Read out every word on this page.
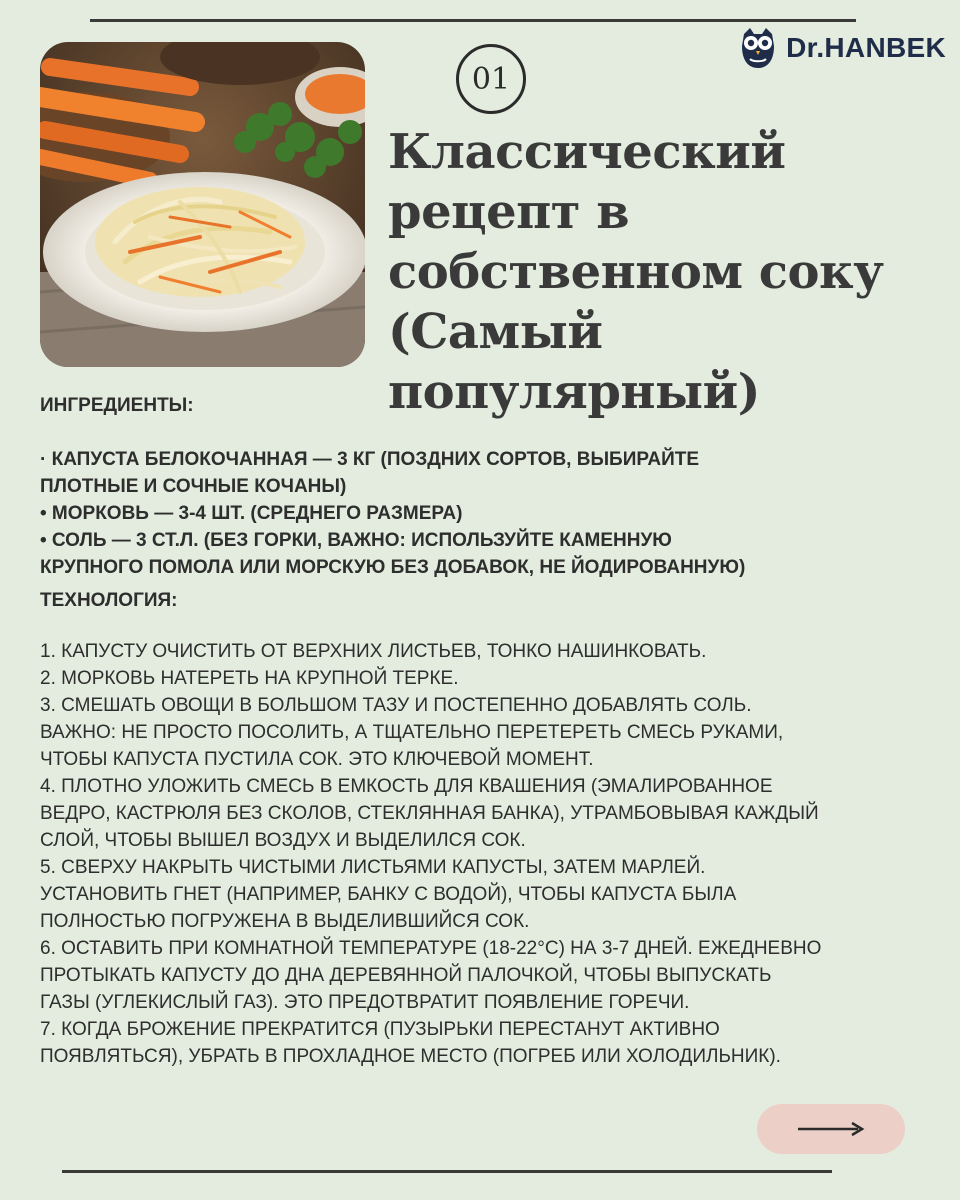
Dr.HANBEK
01
Классический
рецепт в
собственном соку
(Самый популярный)

ИНГРЕДИЕНТЫ:

· КАПУСТА БЕЛОКОЧАННАЯ — 3 КГ (ПОЗДНИХ СОРТОВ, ВЫБИРАЙТЕ
ПЛОТНЫЕ И СОЧНЫЕ КОЧАНЫ)

• МОРКОВЬ — 3-4 ШТ. (СРЕДНЕГО РАЗМЕРА)

• СОЛЬ — 3 СТ.Л. (БЕЗ ГОРКИ, ВАЖНО: ИСПОЛЬЗУЙТЕ КАМЕННУЮ
КРУПНОГО ПОМОЛА ИЛИ МОРСКУЮ БЕЗ ДОБАВОК, НЕ ЙОДИРОВАННУЮ)

ТЕХНОЛОГИЯ:

1. КАПУСТУ ОЧИСТИТЬ ОТ ВЕРХНИХ ЛИСТЬЕВ, ТОНКО НАШИНКОВАТЬ.

2. МОРКОВЬ НАТЕРЕТЬ НА КРУПНОЙ ТЕРКЕ.

3. СМЕШАТЬ ОВОЩИ В БОЛЬШОМ ТАЗУ И ПОСТЕПЕННО ДОБАВЛЯТЬ СОЛЬ.

ВАЖНО: НЕ ПРОСТО ПОСОЛИТЬ, А ТЩАТЕЛЬНО ПЕРЕТЕРЕТЬ СМЕСЬ РУКАМИ,

ЧТОБЫ КАПУСТА ПУСТИЛА СОК. ЭТО КЛЮЧЕВОЙ МОМЕНТ.

4. ПЛОТНО УЛОЖИТЬ СМЕСЬ В ЕМКОСТЬ ДЛЯ КВАШЕНИЯ (ЭМАЛИРОВАННОЕ

ВЕДРО, КАСТРЮЛЯ БЕЗ СКОЛОВ, СТЕКЛЯННАЯ БАНКА), УТРАМБОВЫВАЯ КАЖДЫЙ

СЛОЙ, ЧТОБЫ ВЫШЕЛ ВОЗДУХ И ВЫДЕЛИЛСЯ СОК.

5. СВЕРХУ НАКРЫТЬ ЧИСТЫМИ ЛИСТЬЯМИ КАПУСТЫ, ЗАТЕМ МАРЛЕЙ.

УСТАНОВИТЬ ГНЕТ (НАПРИМЕР, БАНКУ С ВОДОЙ), ЧТОБЫ КАПУСТА БЫЛА

ПОЛНОСТЬЮ ПОГРУЖЕНА В ВЫДЕЛИВШИЙСЯ СОК.

6. ОСТАВИТЬ ПРИ КОМНАТНОЙ ТЕМПЕРАТУРЕ (18-22°С) НА 3-7 ДНЕЙ. ЕЖЕДНЕВНО

ПРОТЫКАТЬ КАПУСТУ ДО ДНА ДЕРЕВЯННОЙ ПАЛОЧКОЙ, ЧТОБЫ ВЫПУСКАТЬ

ГАЗЫ (УГЛЕКИСЛЫЙ ГАЗ). ЭТО ПРЕДОТВРАТИТ ПОЯВЛЕНИЕ ГОРЕЧИ.

7. КОГДА БРОЖЕНИЕ ПРЕКРАТИТСЯ (ПУЗЫРЬКИ ПЕРЕСТАНУТ АКТИВНО

ПОЯВЛЯТЬСЯ), УБРАТЬ В ПРОХЛАДНОЕ МЕСТО (ПОГРЕБ ИЛИ ХОЛОДИЛЬНИК).
